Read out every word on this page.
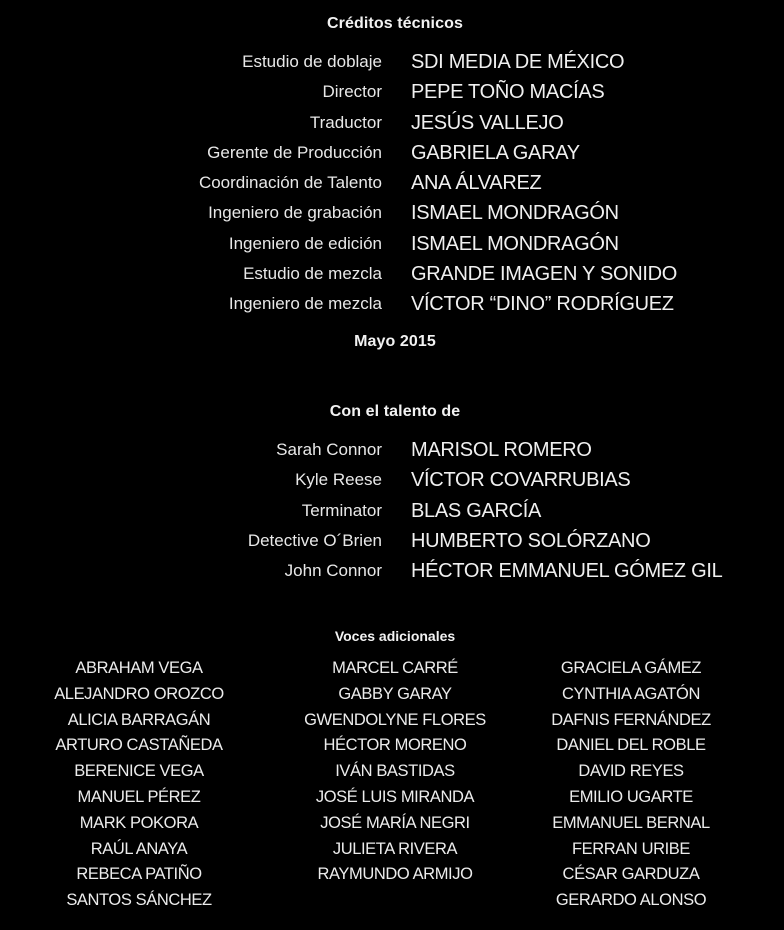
Créditos técnicos
Estudio de doblaje SDI MEDIA DE MÉXICO
Director PEPE TOÑO MACÍAS
Traductor JESÚS VALLEJO
Gerente de Producción GABRIELA GARAY
Coordinación de Talento ANA ÁLVAREZ
Ingeniero de grabación ISMAEL MONDRAGÓN
Ingeniero de edición ISMAEL MONDRAGÓN
Estudio de mezcla GRANDE IMAGEN Y SONIDO
Ingeniero de mezcla VÍCTOR “DINO” RODRÍGUEZ
Mayo 2015
Con el talento de
Sarah Connor MARISOL ROMERO
Kyle Reese VÍCTOR COVARRUBIAS
Terminator BLAS GARCÍA
Detective O´Brien HUMBERTO SOLÓRZANO
John Connor HÉCTOR EMMANUEL GÓMEZ GIL
Voces adicionales
ABRAHAM VEGA
ALEJANDRO OROZCO
ALICIA BARRAGÁN
ARTURO CASTAÑEDA
BERENICE VEGA
MANUEL PÉREZ
MARK POKORA
RAÚL ANAYA
REBECA PATIÑO
SANTOS SÁNCHEZ
MARCEL CARRÉ
GABBY GARAY
GWENDOLYNE FLORES
HÉCTOR MORENO
IVÁN BASTIDAS
JOSÉ LUIS MIRANDA
JOSÉ MARÍA NEGRI
JULIETA RIVERA
RAYMUNDO ARMIJO
GRACIELA GÁMEZ
CYNTHIA AGATÓN
DAFNIS FERNÁNDEZ
DANIEL DEL ROBLE
DAVID REYES
EMILIO UGARTE
EMMANUEL BERNAL
FERRAN URIBE
CÉSAR GARDUZA
GERARDO ALONSO
